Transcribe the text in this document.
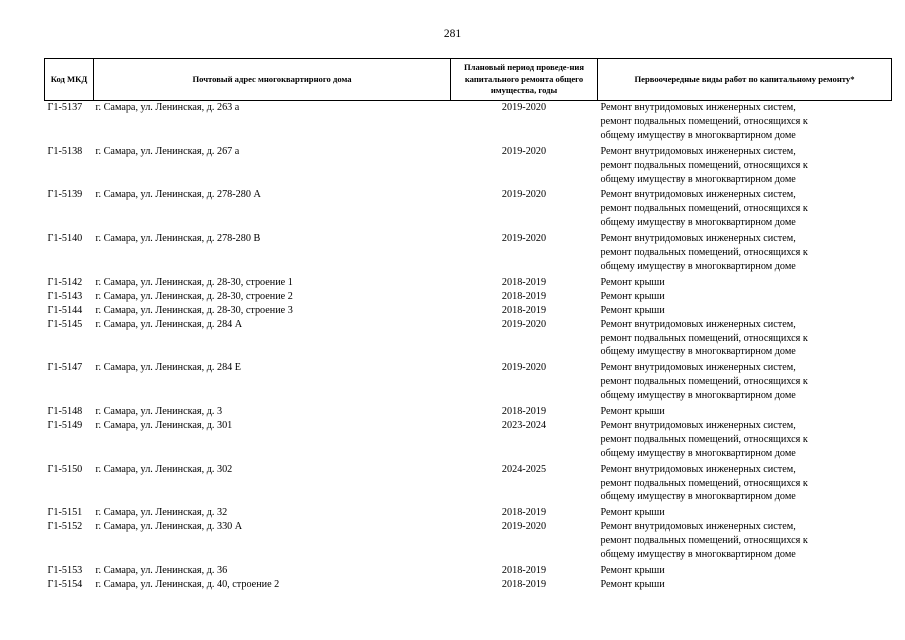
281
Код МКД	Почтовый адрес многоквартирного дома	Плановый период проведе-ния капитального ремонта общего имущества, годы	Первоочередные виды работ по капитальному ремонту*
Г1-5137	г. Самара, ул. Ленинская, д. 263 а	2019-2020	Ремонт внутридомовых инженерных систем,
ремонт подвальных помещений, относящихся к
общему имуществу в многоквартирном доме

Г1-5138	г. Самара, ул. Ленинская, д. 267 а	2019-2020	Ремонт внутридомовых инженерных систем,
ремонт подвальных помещений, относящихся к
общему имуществу в многоквартирном доме

Г1-5139	г. Самара, ул. Ленинская, д. 278-280 А	2019-2020	Ремонт внутридомовых инженерных систем,
ремонт подвальных помещений, относящихся к
общему имуществу в многоквартирном доме

Г1-5140	г. Самара, ул. Ленинская, д. 278-280 В	2019-2020	Ремонт внутридомовых инженерных систем,
ремонт подвальных помещений, относящихся к
общему имуществу в многоквартирном доме

Г1-5142	г. Самара, ул. Ленинская, д. 28-30, строение 1	2018-2019	Ремонт крыши

Г1-5143	г. Самара, ул. Ленинская, д. 28-30, строение 2	2018-2019	Ремонт крыши

Г1-5144	г. Самара, ул. Ленинская, д. 28-30, строение 3	2018-2019	Ремонт крыши

Г1-5145	г. Самара, ул. Ленинская, д. 284 А	2019-2020	Ремонт внутридомовых инженерных систем,
ремонт подвальных помещений, относящихся к
общему имуществу в многоквартирном доме

Г1-5147	г. Самара, ул. Ленинская, д. 284 Е	2019-2020	Ремонт внутридомовых инженерных систем,
ремонт подвальных помещений, относящихся к
общему имуществу в многоквартирном доме

Г1-5148	г. Самара, ул. Ленинская, д. 3	2018-2019	Ремонт крыши

Г1-5149	г. Самара, ул. Ленинская, д. 301	2023-2024	Ремонт внутридомовых инженерных систем,
ремонт подвальных помещений, относящихся к
общему имуществу в многоквартирном доме

Г1-5150	г. Самара, ул. Ленинская, д. 302	2024-2025	Ремонт внутридомовых инженерных систем,
ремонт подвальных помещений, относящихся к
общему имуществу в многоквартирном доме

Г1-5151	г. Самара, ул. Ленинская, д. 32	2018-2019	Ремонт крыши

Г1-5152	г. Самара, ул. Ленинская, д. 330 А	2019-2020	Ремонт внутридомовых инженерных систем,
ремонт подвальных помещений, относящихся к
общему имуществу в многоквартирном доме

Г1-5153	г. Самара, ул. Ленинская, д. 36	2018-2019	Ремонт крыши

Г1-5154	г. Самара, ул. Ленинская, д. 40, строение 2	2018-2019	Ремонт крыши
